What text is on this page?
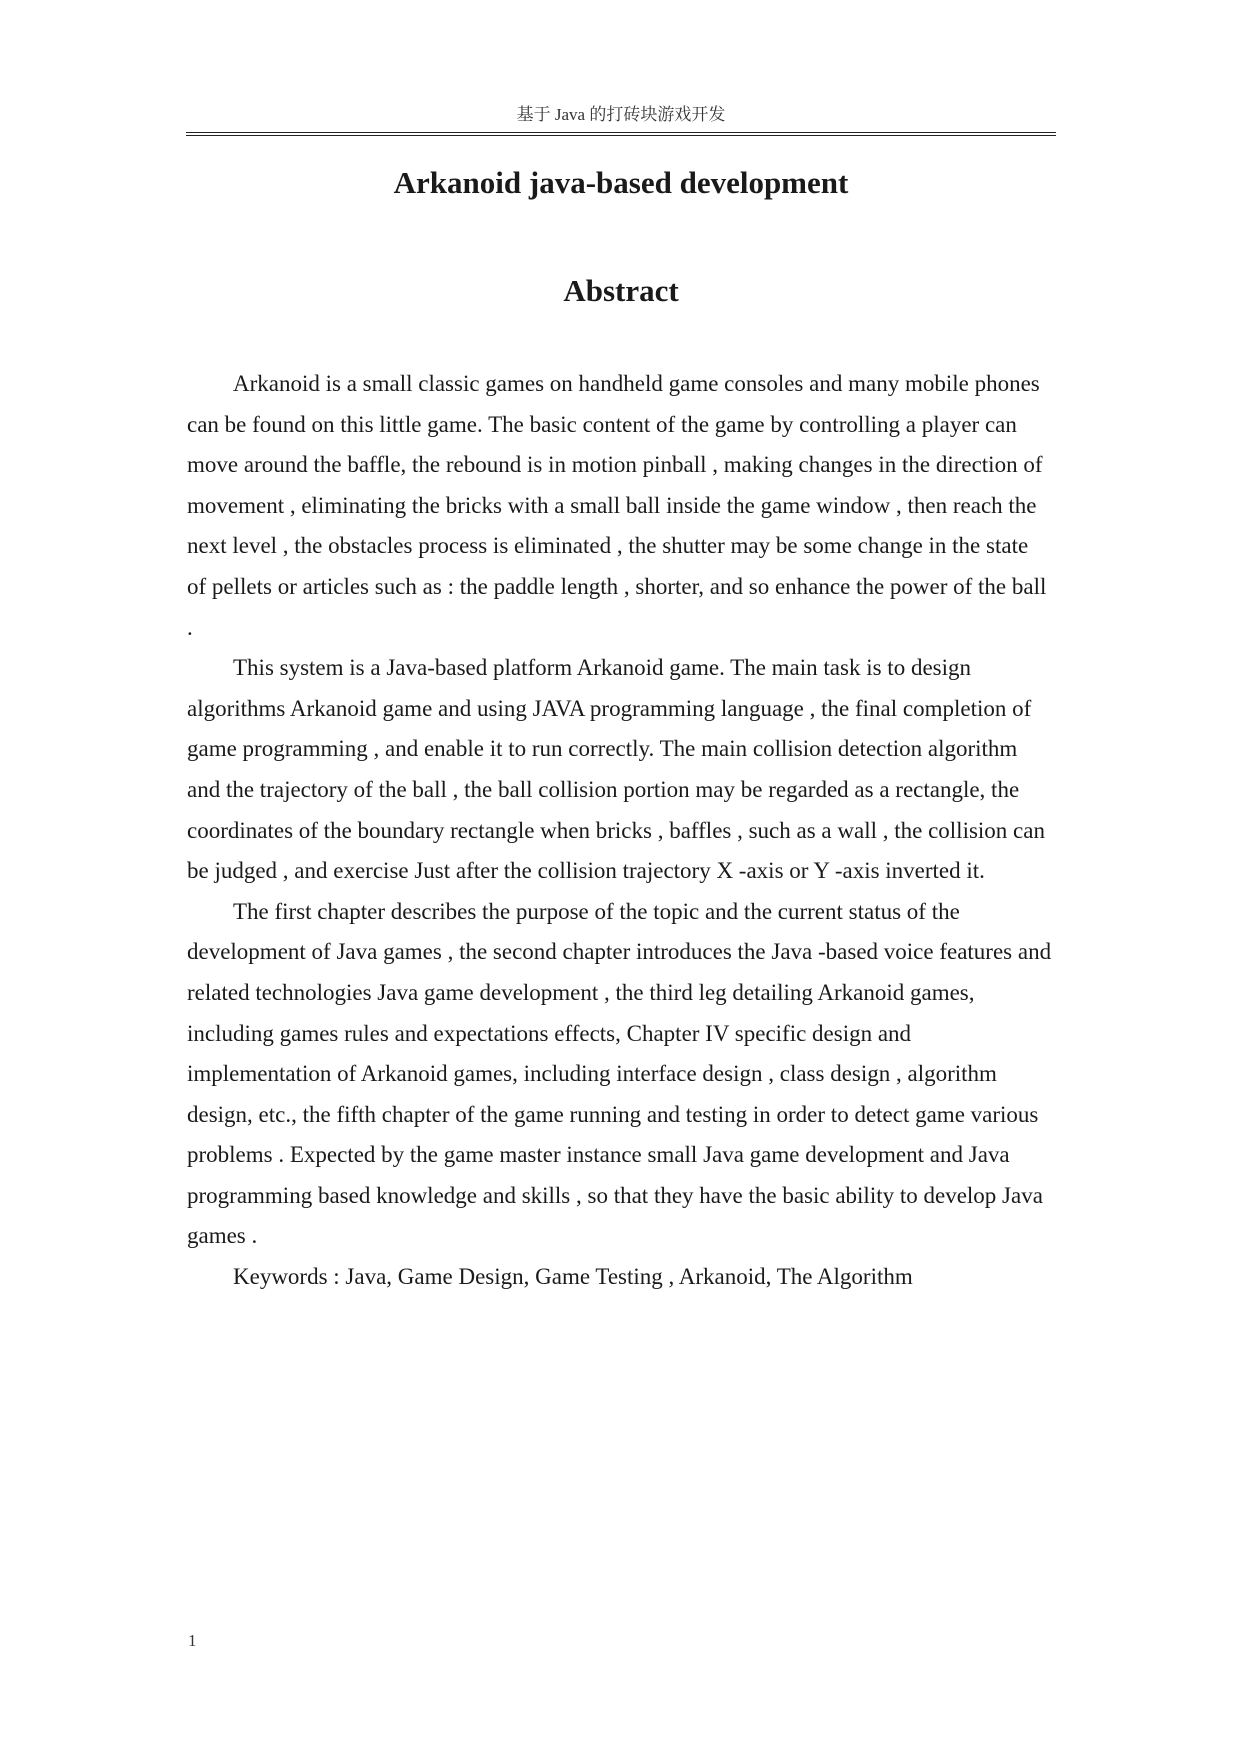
基于 Java 的打砖块游戏开发
Arkanoid java-based development
Abstract

Arkanoid is a small classic games on handheld game consoles and many mobile phones can be found on this little game. The basic content of the game by controlling a player can move around the baffle, the rebound is in motion pinball , making changes in the direction of movement , eliminating the bricks with a small ball inside the game window , then reach the next level , the obstacles process is eliminated , the shutter may be some change in the state of pellets or articles such as : the paddle length , shorter, and so enhance the power of the ball .

This system is a Java-based platform Arkanoid game. The main task is to design algorithms Arkanoid game and using JAVA programming language , the final completion of game programming , and enable it to run correctly. The main collision detection algorithm and the trajectory of the ball , the ball collision portion may be regarded as a rectangle, the coordinates of the boundary rectangle when bricks , baffles , such as a wall , the collision can be judged , and exercise Just after the collision trajectory X -axis or Y -axis inverted it.

The first chapter describes the purpose of the topic and the current status of the development of Java games , the second chapter introduces the Java -based voice features and related technologies Java game development , the third leg detailing Arkanoid games, including games rules and expectations effects, Chapter IV specific design and implementation of Arkanoid games, including interface design , class design , algorithm design, etc., the fifth chapter of the game running and testing in order to detect game various problems . Expected by the game master instance small Java game development and Java programming based knowledge and skills , so that they have the basic ability to develop Java games .

Keywords : Java, Game Design, Game Testing , Arkanoid, The Algorithm

1
